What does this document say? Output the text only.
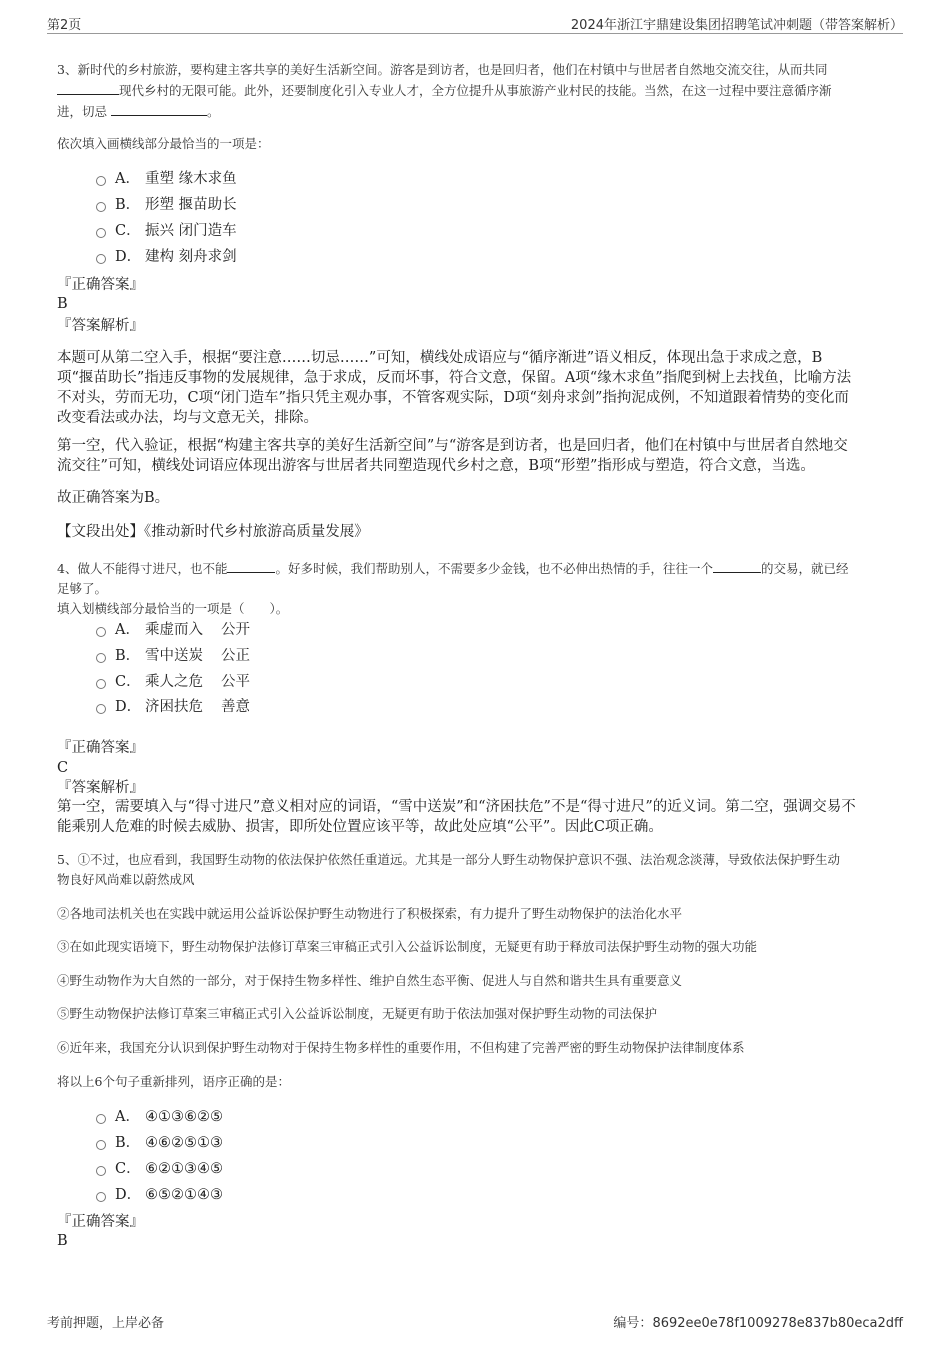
第2页	2024年浙江宇鼎建设集团招聘笔试冲刺题（带答案解析）
3、新时代的乡村旅游，要构建主客共享的美好生活新空间。游客是到访者，也是回归者，他们在村镇中与世居者自然地交流交往，从而共同
现代乡村的无限可能。此外，还要制度化引入专业人才，全方位提升从事旅游产业村民的技能。当然，在这一过程中要注意循序渐
进，切忌	。
依次填入画横线部分最恰当的一项是：
A． 重塑 缘木求鱼
B． 形塑 揠苗助长
C． 振兴 闭门造车
D． 建构 刻舟求剑
『正确答案』
B
『答案解析』
本题可从第二空入手，根据“要注意……切忌……”可知，横线处成语应与“循序渐进”语义相反，体现出急于求成之意，B
项“揠苗助长”指违反事物的发展规律，急于求成，反而坏事，符合文意，保留。A项“缘木求鱼”指爬到树上去找鱼，比喻方法
不对头，劳而无功，C项“闭门造车”指只凭主观办事，不管客观实际，D项“刻舟求剑”指拘泥成例，不知道跟着情势的变化而
改变看法或办法，均与文意无关，排除。
第一空，代入验证，根据“构建主客共享的美好生活新空间”与“游客是到访者，也是回归者，他们在村镇中与世居者自然地交
流交往”可知，横线处词语应体现出游客与世居者共同塑造现代乡村之意，B项“形塑”指形成与塑造，符合文意，当选。
故正确答案为B。
【文段出处】《推动新时代乡村旅游高质量发展》
4、做人不能得寸进尺，也不能	。好多时候，我们帮助别人，不需要多少金钱，也不必伸出热情的手，往往一个	的交易，就已经
足够了。
填入划横线部分最恰当的一项是（　　）。
A． 乘虚而入 公开
B． 雪中送炭 公正
C． 乘人之危 公平
D． 济困扶危 善意
『正确答案』
C
『答案解析』
第一空，需要填入与“得寸进尺”意义相对应的词语，“雪中送炭”和“济困扶危”不是“得寸进尺”的近义词。第二空，强调交易不
能乘别人危难的时候去威胁、损害，即所处位置应该平等，故此处应填“公平”。因此C项正确。
5、①不过，也应看到，我国野生动物的依法保护依然任重道远。尤其是一部分人野生动物保护意识不强、法治观念淡薄，导致依法保护野生动
物良好风尚难以蔚然成风
②各地司法机关也在实践中就运用公益诉讼保护野生动物进行了积极探索，有力提升了野生动物保护的法治化水平
③在如此现实语境下，野生动物保护法修订草案三审稿正式引入公益诉讼制度，无疑更有助于释放司法保护野生动物的强大功能
④野生动物作为大自然的一部分，对于保持生物多样性、维护自然生态平衡、促进人与自然和谐共生具有重要意义
⑤野生动物保护法修订草案三审稿正式引入公益诉讼制度，无疑更有助于依法加强对保护野生动物的司法保护
⑥近年来，我国充分认识到保护野生动物对于保持生物多样性的重要作用，不但构建了完善严密的野生动物保护法律制度体系
将以上6个句子重新排列，语序正确的是：
A． ④①③⑥②⑤
B． ④⑥②⑤①③
C． ⑥②①③④⑤
D． ⑥⑤②①④③
『正确答案』
B
考前押题，上岸必备	编号：8692ee0e78f1009278e837b80eca2dff
